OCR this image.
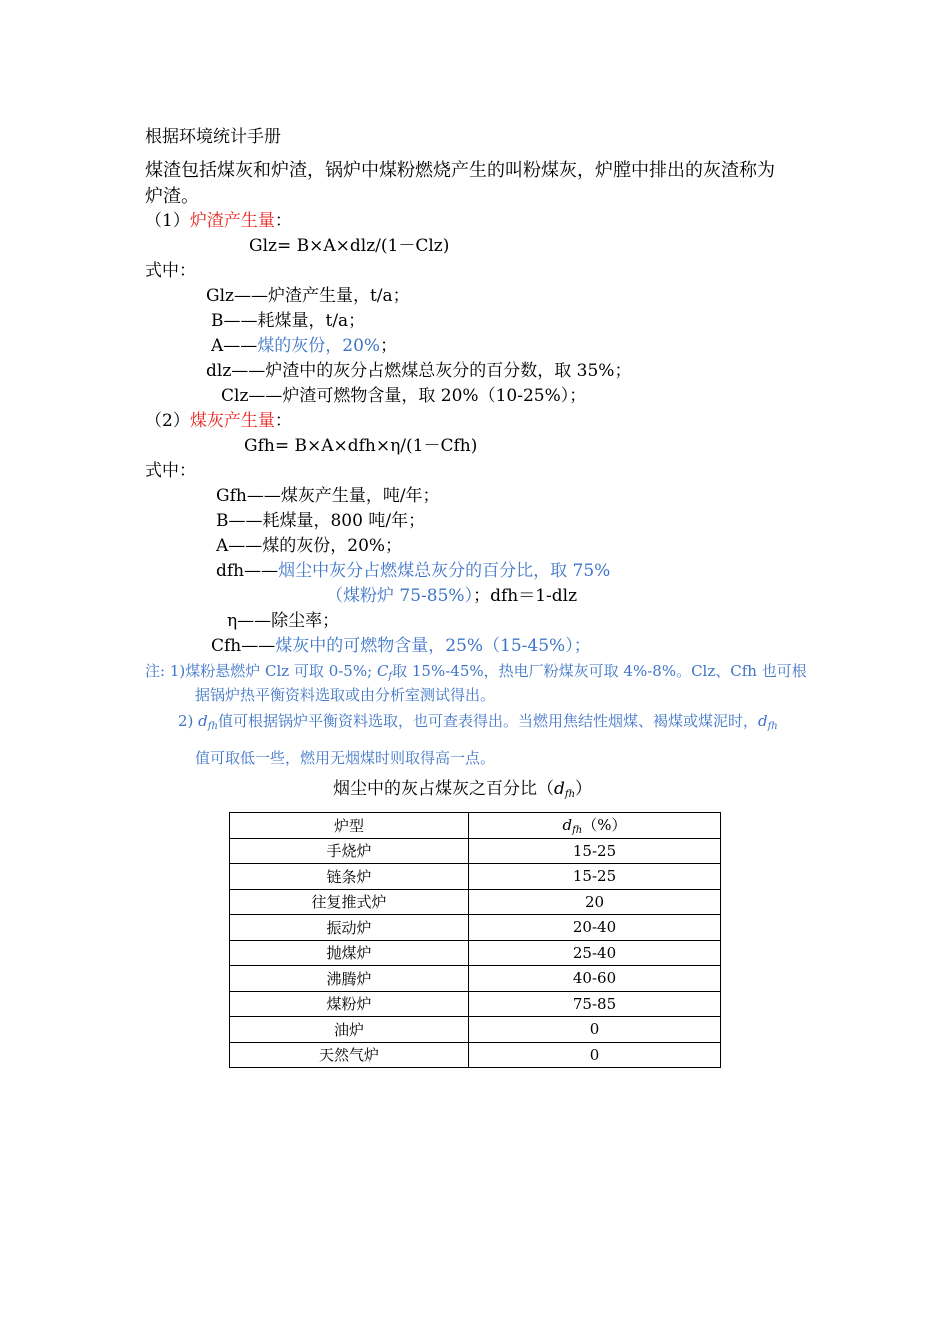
根据环境统计手册
煤渣包括煤灰和炉渣，锅炉中煤粉燃烧产生的叫粉煤灰，炉膛中排出的灰渣称为
炉渣。
（1）炉渣产生量：
Glz= B×A×dlz/(1－Clz)
式中：
Glz——炉渣产生量，t/a；
B——耗煤量，t/a；
A——煤的灰份，20%；
dlz——炉渣中的灰分占燃煤总灰分的百分数，取 35%；
Clz——炉渣可燃物含量，取 20%（10-25%）；
（2）煤灰产生量：
Gfh= B×A×dfh×η/(1－Cfh)
式中：
Gfh——煤灰产生量，吨/年；
B——耗煤量，800 吨/年；
A——煤的灰份，20%；
dfh——烟尘中灰分占燃煤总灰分的百分比，取 75%
（煤粉炉 75-85%）；dfh＝1-dlz
η——除尘率；
Cfh——煤灰中的可燃物含量，25%（15-45%）；
注: 1)煤粉悬燃炉 Clz 可取 0-5%; $C_f$取 15%-45%，热电厂粉煤灰可取 4%-8%。Clz、Cfh 也可根
据锅炉热平衡资料选取或由分析室测试得出。
2) $d_{fh}$值可根据锅炉平衡资料选取，也可查表得出。当燃用焦结性烟煤、褐煤或煤泥时，$d_{fh}$
值可取低一些，燃用无烟煤时则取得高一点。
烟尘中的灰占煤灰之百分比$(d_{fh})$
炉型	$d_{fh}(\%)$
手烧炉	15-25
链条炉	15-25
往复推式炉	20
振动炉	20-40
抛煤炉	25-40
沸腾炉	40-60
煤粉炉	75-85
油炉	0
天然气炉	0
